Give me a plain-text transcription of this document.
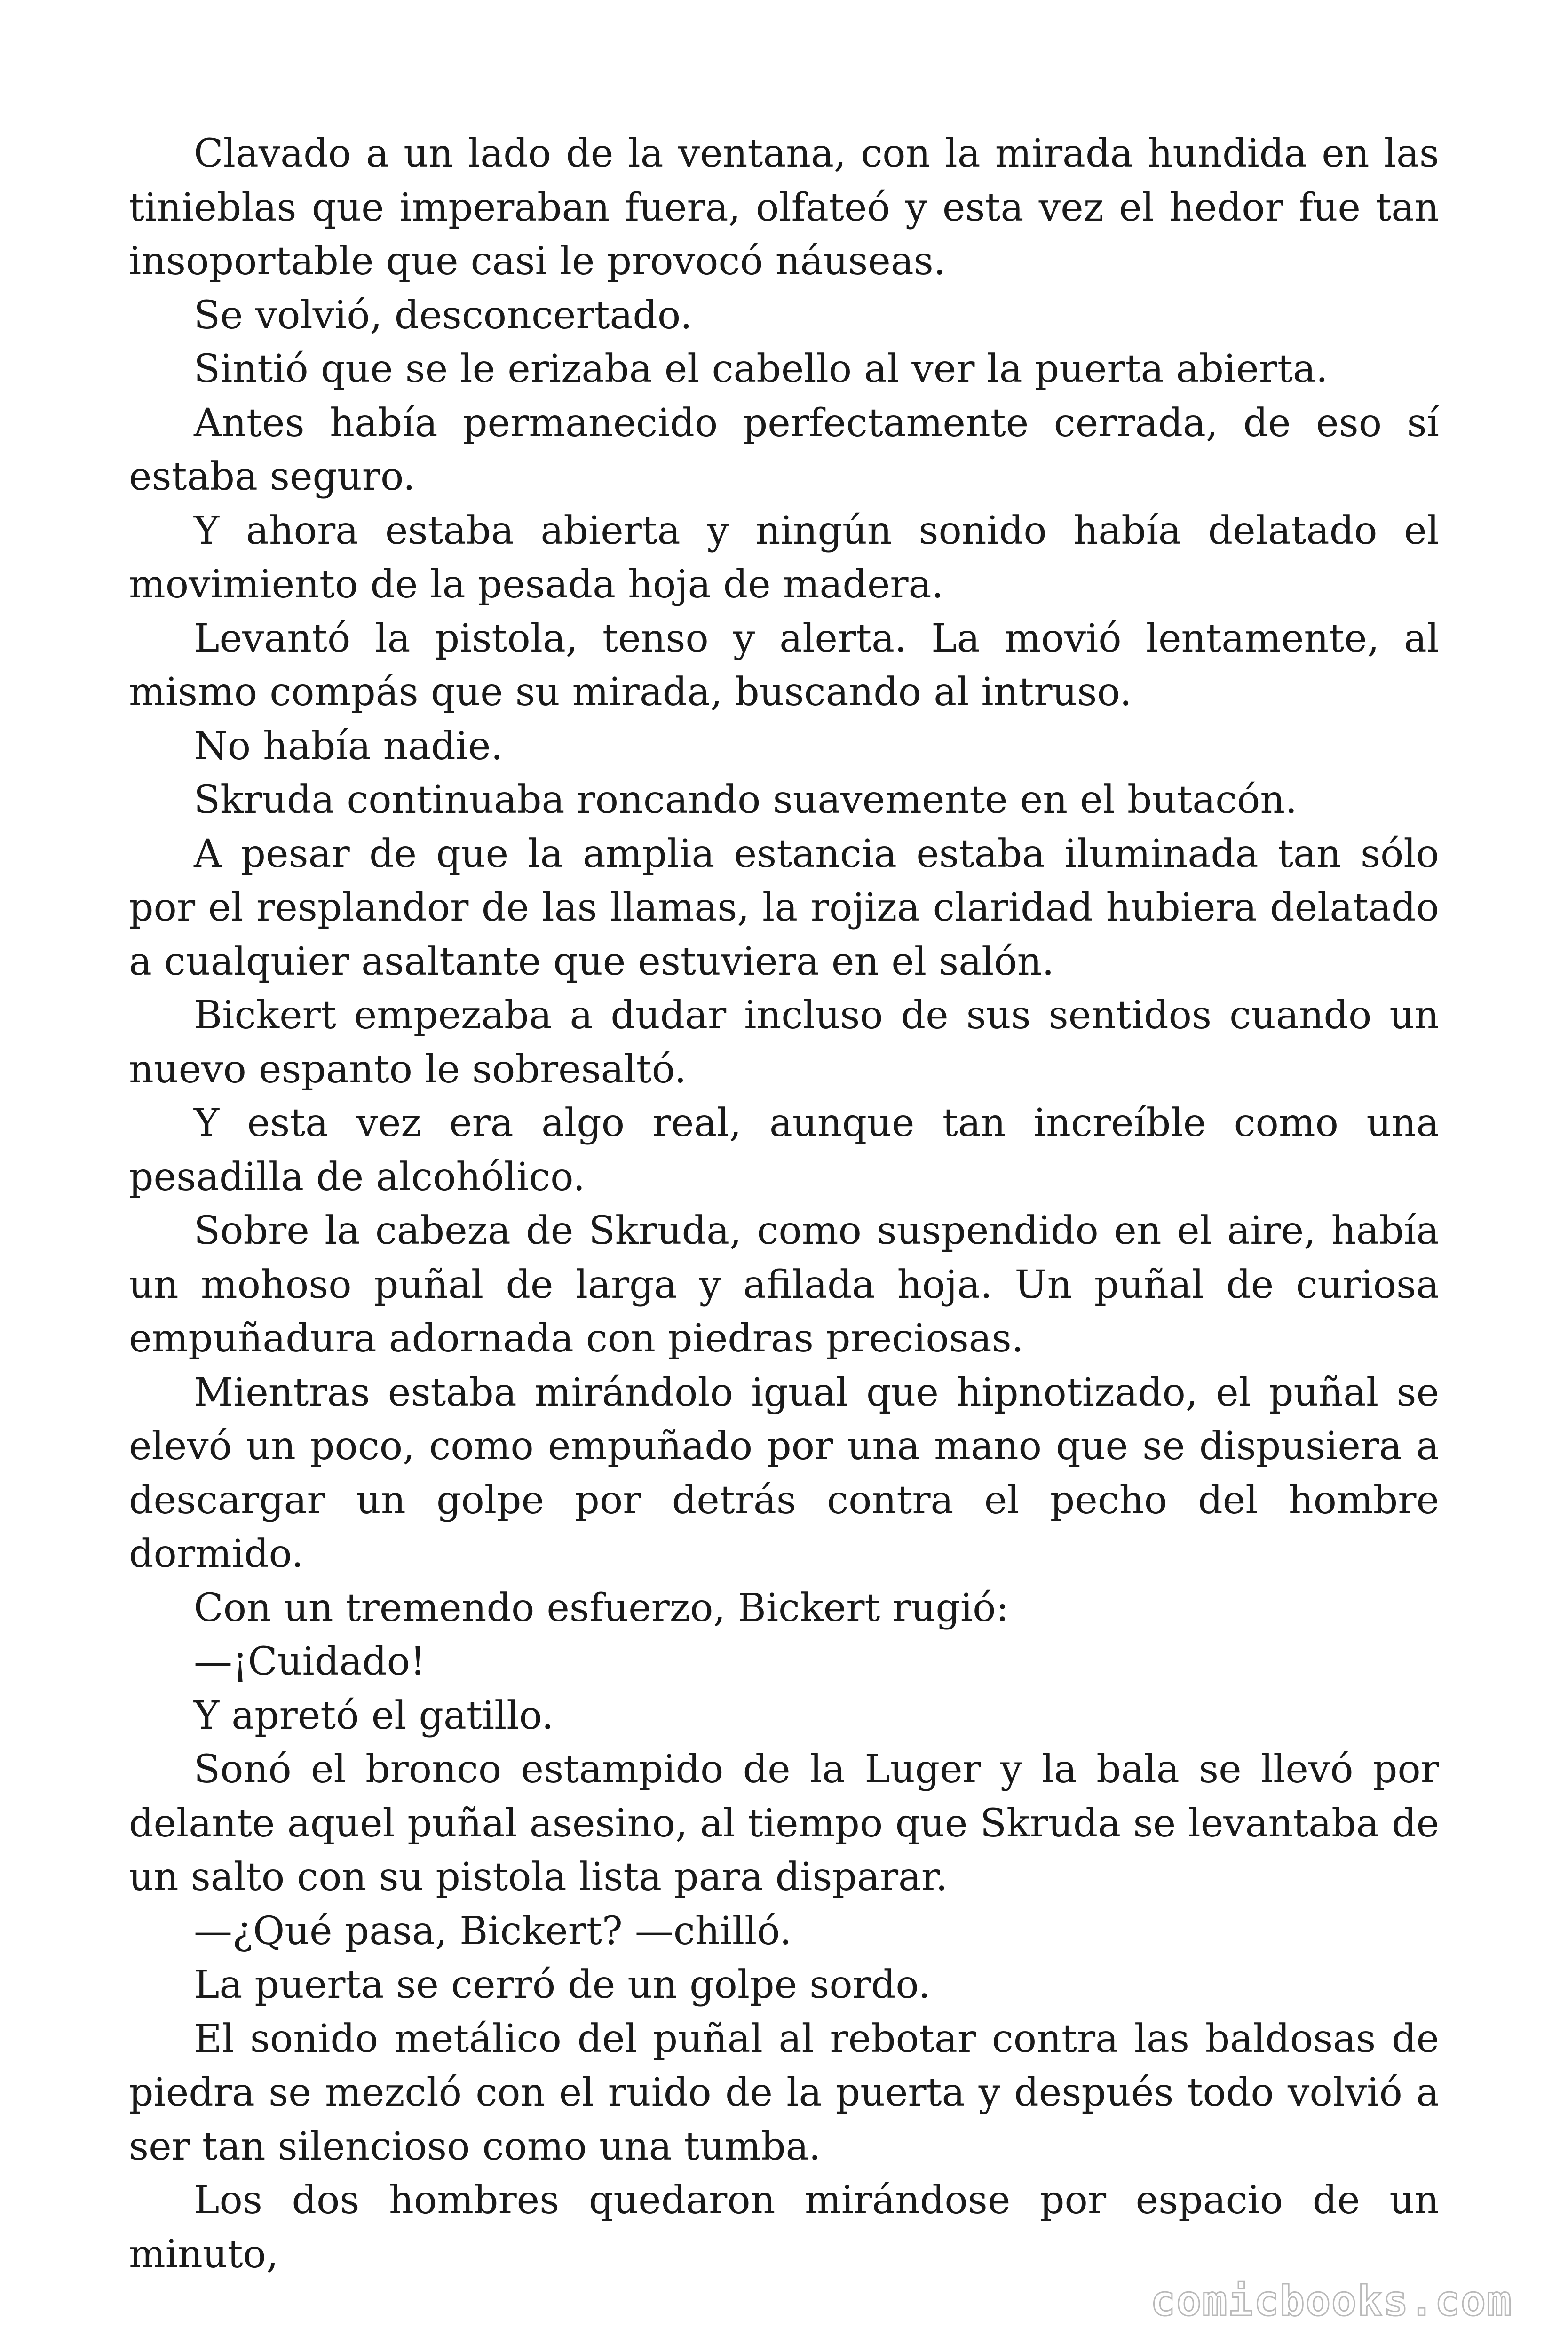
Clavado a un lado de la ventana, con la mirada hundida en las tinieblas que imperaban fuera, olfateó y esta vez el hedor fue tan insoportable que casi le provocó náuseas.

Se volvió, desconcertado.

Sintió que se le erizaba el cabello al ver la puerta abierta.

Antes había permanecido perfectamente cerrada, de eso sí estaba seguro.

Y ahora estaba abierta y ningún sonido había delatado el movimiento de la pesada hoja de madera.

Levantó la pistola, tenso y alerta. La movió lentamente, al mismo compás que su mirada, buscando al intruso.

No había nadie.

Skruda continuaba roncando suavemente en el butacón.

A pesar de que la amplia estancia estaba iluminada tan sólo por el resplandor de las llamas, la rojiza claridad hubiera delatado a cualquier asaltante que estuviera en el salón.

Bickert empezaba a dudar incluso de sus sentidos cuando un nuevo espanto le sobresaltó.

Y esta vez era algo real, aunque tan increíble como una pesadilla de alcohólico.

Sobre la cabeza de Skruda, como suspendido en el aire, había un mohoso puñal de larga y afilada hoja. Un puñal de curiosa empuñadura adornada con piedras preciosas.

Mientras estaba mirándolo igual que hipnotizado, el puñal se elevó un poco, como empuñado por una mano que se dispusiera a descargar un golpe por detrás contra el pecho del hombre dormido.

Con un tremendo esfuerzo, Bickert rugió:

—¡Cuidado!

Y apretó el gatillo.

Sonó el bronco estampido de la Luger y la bala se llevó por delante aquel puñal asesino, al tiempo que Skruda se levantaba de un salto con su pistola lista para disparar.

—¿Qué pasa, Bickert? —chilló.

La puerta se cerró de un golpe sordo.

El sonido metálico del puñal al rebotar contra las baldosas de piedra se mezcló con el ruido de la puerta y después todo volvió a ser tan silencioso como una tumba.

Los dos hombres quedaron mirándose por espacio de un minuto,

comicbooks.com
